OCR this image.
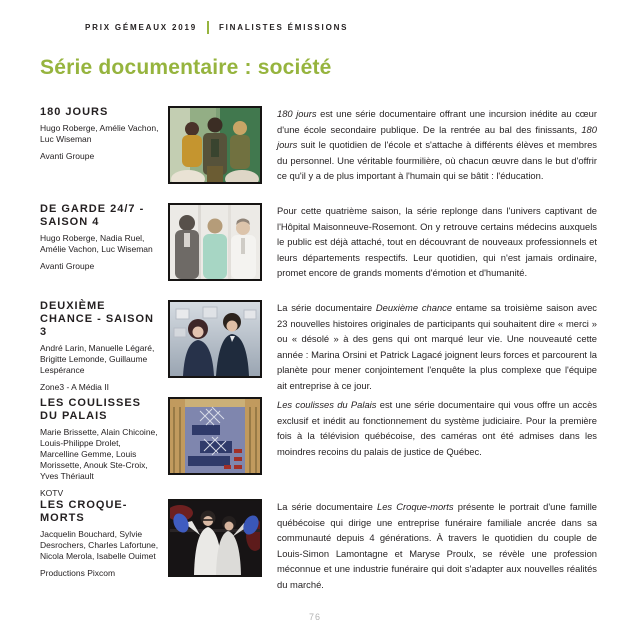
PRIX GÉMEAUX 2019	FINALISTES ÉMISSIONS
Série documentaire : société
180 JOURS

Hugo Roberge, Amélie Vachon, Luc Wiseman

Avanti Groupe

180 jours est une série documentaire offrant une incursion inédite au cœur d'une école secondaire publique. De la rentrée au bal des finissants, 180 jours suit le quotidien de l'école et s'attache à différents élèves et membres du personnel. Une véritable fourmilière, où chacun œuvre dans le but d'offrir ce qu'il y a de plus important à l'humain qui se bâtit : l'éducation.

DE GARDE 24/7 - SAISON 4

Hugo Roberge, Nadia Ruel, Amélie Vachon, Luc Wiseman

Avanti Groupe

Pour cette quatrième saison, la série replonge dans l'univers captivant de l'Hôpital Maisonneuve-Rosemont. On y retrouve certains médecins auxquels le public est déjà attaché, tout en découvrant de nouveaux professionnels et leurs départements respectifs. Leur quotidien, qui n'est jamais ordinaire, promet encore de grands moments d'émotion et d'humanité.

DEUXIÈME CHANCE - SAISON 3

André Larin, Manuelle Légaré, Brigitte Lemonde, Guillaume Lespérance

Zone3 - A Média II

La série documentaire Deuxième chance entame sa troisième saison avec 23 nouvelles histoires originales de participants qui souhaitent dire « merci » ou « désolé » à des gens qui ont marqué leur vie. Une nouveauté cette année : Marina Orsini et Patrick Lagacé joignent leurs forces et parcourent la planète pour mener conjointement l'enquête la plus complexe que l'équipe ait entreprise à ce jour.

LES COULISSES DU PALAIS

Marie Brissette, Alain Chicoine, Louis-Philippe Drolet, Marcelline Gemme, Louis Morissette, Anouk Ste-Croix, Yves Thériault

KOTV

Les coulisses du Palais est une série documentaire qui vous offre un accès exclusif et inédit au fonctionnement du système judiciaire. Pour la première fois à la télévision québécoise, des caméras ont été admises dans les moindres recoins du palais de justice de Québec.

LES CROQUE-MORTS

Jacquelin Bouchard, Sylvie Desrochers, Charles Lafortune, Nicola Merola, Isabelle Ouimet

Productions Pixcom

La série documentaire Les Croque-morts présente le portrait d'une famille québécoise qui dirige une entreprise funéraire familiale ancrée dans sa communauté depuis 4 générations. À travers le quotidien du couple de Louis-Simon Lamontagne et Maryse Proulx, se révèle une profession méconnue et une industrie funéraire qui doit s'adapter aux nouvelles réalités du marché.

76
